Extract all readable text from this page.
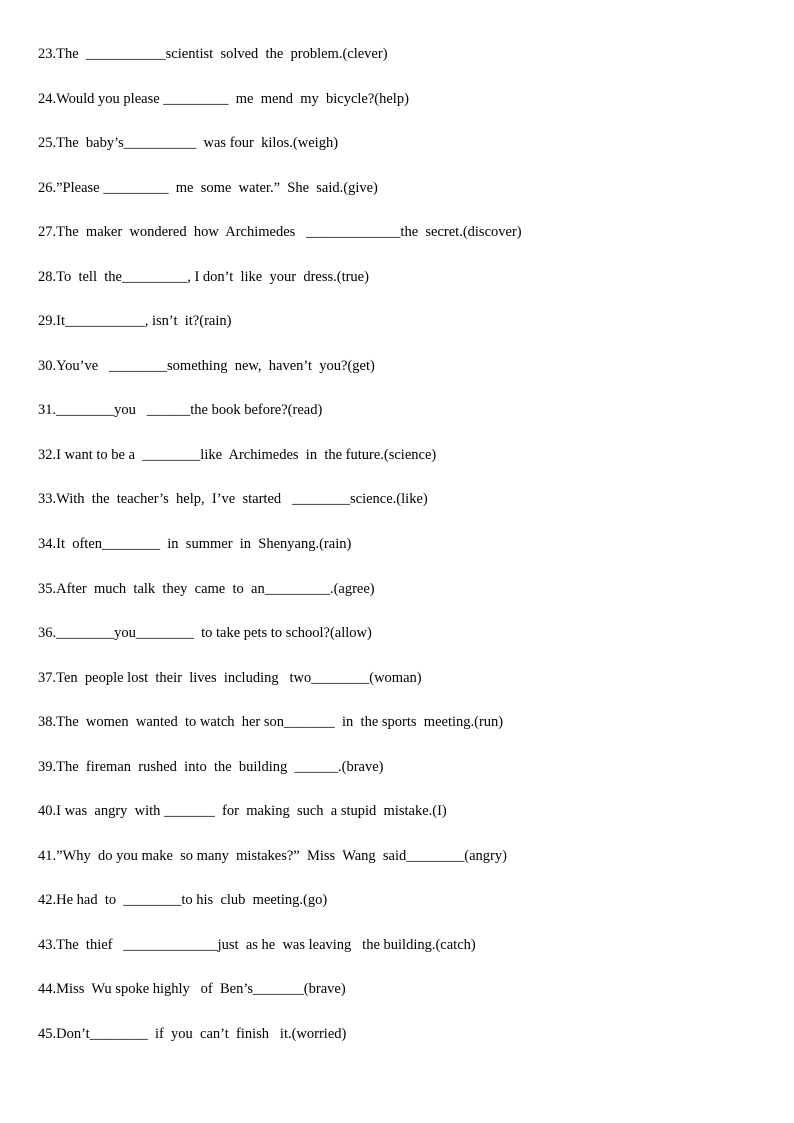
23.The  ___________scientist  solved  the  problem.(clever)
24.Would you please _________  me  mend  my  bicycle?(help)
25.The  baby’s__________  was four  kilos.(weigh)
26.”Please _________  me  some  water.”  She  said.(give)
27.The  maker  wondered  how  Archimedes   _____________the  secret.(discover)
28.To  tell  the_________, I don’t  like  your  dress.(true)
29.It___________, isn’t  it?(rain)
30.You’ve   ________something  new,  haven’t  you?(get)
31.________you   ______the book before?(read)
32.I want to be a  ________like  Archimedes  in  the future.(science)
33.With  the  teacher’s  help,  I’ve  started   ________science.(like)
34.It  often________  in  summer  in  Shenyang.(rain)
35.After  much  talk  they  came  to  an_________.(agree)
36.________you________  to take pets to school?(allow)
37.Ten  people lost  their  lives  including   two________(woman)
38.The  women  wanted  to watch  her son_______  in  the sports  meeting.(run)
39.The  fireman  rushed  into  the  building  ______.(brave)
40.I was  angry  with _______  for  making  such  a stupid  mistake.(I)
41.”Why  do you make  so many  mistakes?”  Miss  Wang  said________(angry)
42.He had  to  ________to his  club  meeting.(go)
43.The  thief   _____________just  as he  was leaving   the building.(catch)
44.Miss  Wu spoke highly   of  Ben’s_______(brave)
45.Don’t________  if  you  can’t  finish   it.(worried)
